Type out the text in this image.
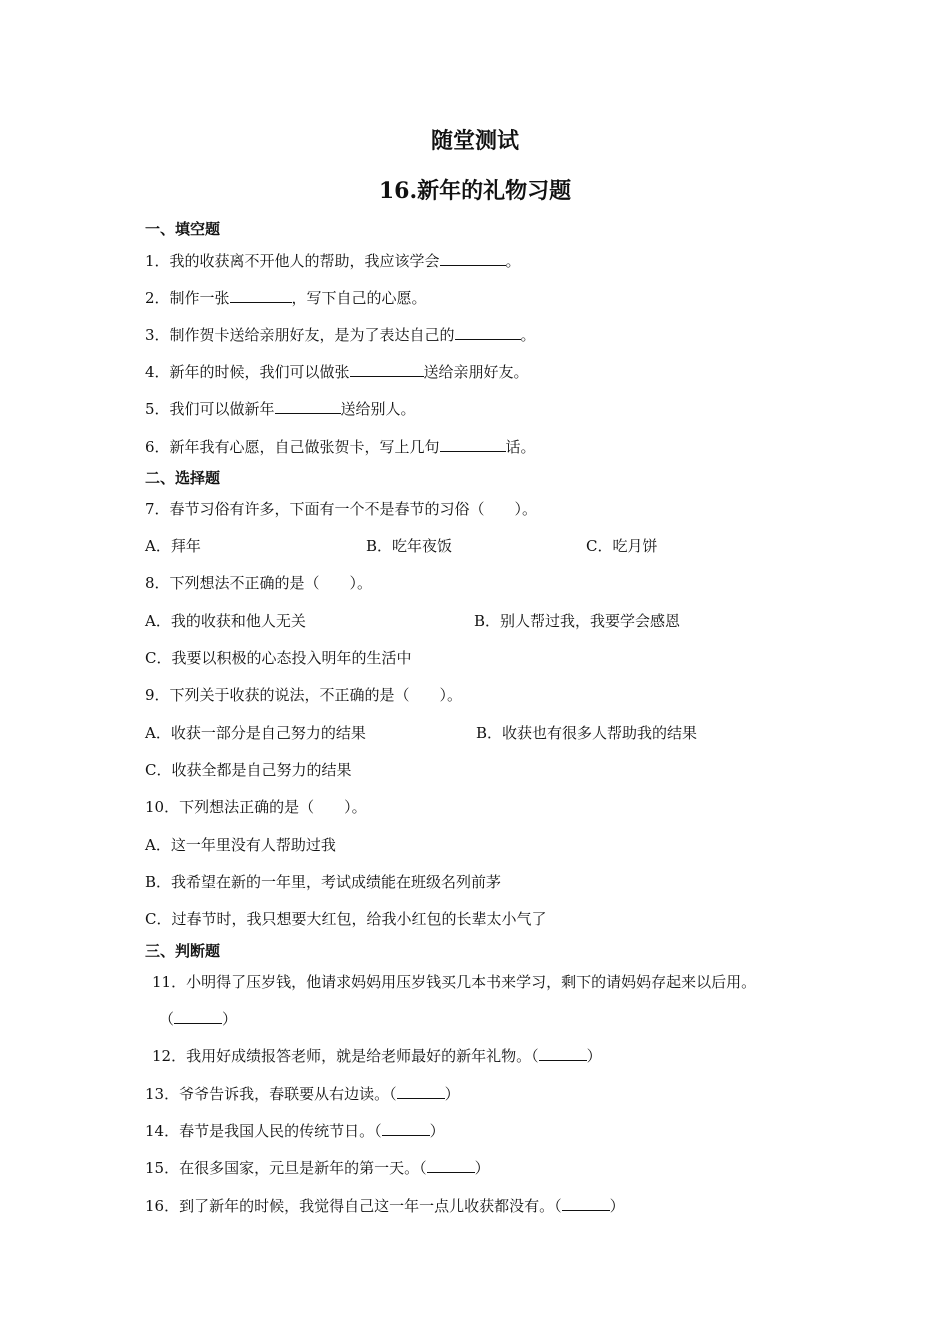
随堂测试

16.新年的礼物习题

一、填空题

1．我的收获离不开他人的帮助，我应该学会	。

2．制作一张	，写下自己的心愿。

3．制作贺卡送给亲朋好友，是为了表达自己的	。

4．新年的时候，我们可以做张	送给亲朋好友。

5．我们可以做新年	送给别人。

6．新年我有心愿，自己做张贺卡，写上几句	话。

二、选择题

7．春节习俗有许多，下面有一个不是春节的习俗（　　）。

A．拜年	B．吃年夜饭	C．吃月饼

8．下列想法不正确的是（　　）。

A．我的收获和他人无关	B．别人帮过我，我要学会感恩
C．我要以积极的心态投入明年的生活中

9．下列关于收获的说法，不正确的是（　　）。

A．收获一部分是自己努力的结果	B．收获也有很多人帮助我的结果
C．收获全都是自己努力的结果

10．下列想法正确的是（　　）。

A．这一年里没有人帮助过我
B．我希望在新的一年里，考试成绩能在班级名列前茅
C．过春节时，我只想要大红包，给我小红包的长辈太小气了

三、判断题

11．小明得了压岁钱，他请求妈妈用压岁钱买几本书来学习，剩下的请妈妈存起来以后用。

（	）

12．我用好成绩报答老师，就是给老师最好的新年礼物。（	）

13．爷爷告诉我，春联要从右边读。（	）

14．春节是我国人民的传统节日。（	）

15．在很多国家，元旦是新年的第一天。（	）

16．到了新年的时候，我觉得自己这一年一点儿收获都没有。（	）
